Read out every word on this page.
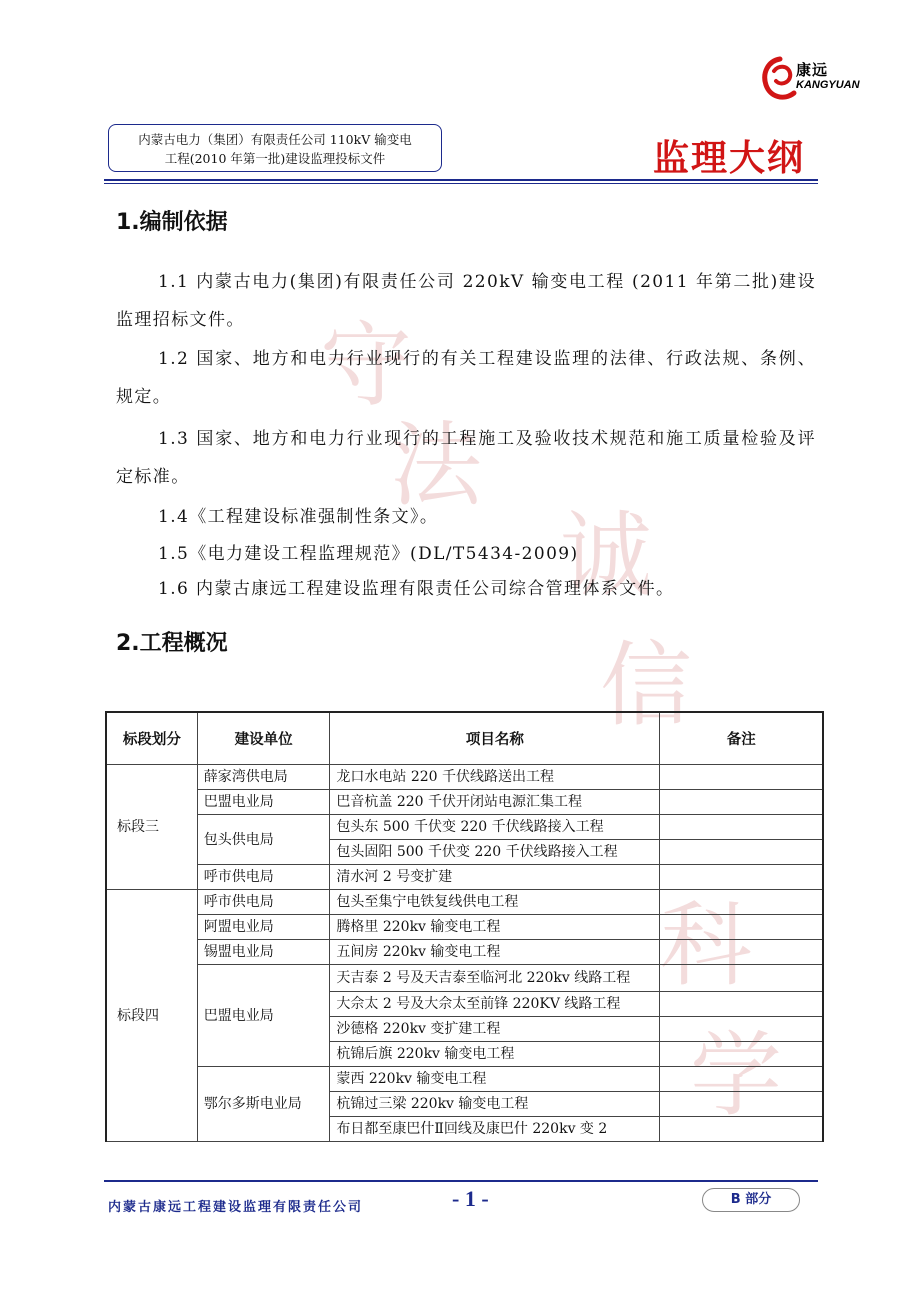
守
法
诚
信
科
学
康远
KANGYUAN
内蒙古电力（集团）有限责任公司 110kV 输变电
工程(2010 年第一批)建设监理投标文件	监理大纲
1.编制依据
1.1 内蒙古电力(集团)有限责任公司 220kV 输变电工程 (2011 年第二批)建设监理招标文件。
1.2 国家、地方和电力行业现行的有关工程建设监理的法律、行政法规、条例、规定。
1.3 国家、地方和电力行业现行的工程施工及验收技术规范和施工质量检验及评定标准。
1.4《工程建设标准强制性条文》。
1.5《电力建设工程监理规范》(DL/T5434-2009)
1.6 内蒙古康远工程建设监理有限责任公司综合管理体系文件。
2.工程概况
标段划分	建设单位	项目名称	备注
标段三	薛家湾供电局	龙口水电站 220 千伏线路送出工程	
	巴盟电业局	巴音杭盖 220 千伏开闭站电源汇集工程	
	包头供电局	包头东 500 千伏变 220 千伏线路接入工程	
		包头固阳 500 千伏变 220 千伏线路接入工程	
	呼市供电局	清水河 2 号变扩建	
标段四	呼市供电局	包头至集宁电铁复线供电工程	
	阿盟电业局	腾格里 220kv 输变电工程	
	锡盟电业局	五间房 220kv 输变电工程	
	巴盟电业局	天吉泰 2 号及天吉泰至临河北 220kv 线路工程	
		大佘太 2 号及大佘太至前锋 220KV 线路工程	
		沙德格 220kv 变扩建工程	
		杭锦后旗 220kv 输变电工程	
	鄂尔多斯电业局	蒙西 220kv 输变电工程	
		杭锦过三梁 220kv 输变电工程	
		布日都至康巴什Ⅱ回线及康巴什 220kv 变 2	
内蒙古康远工程建设监理有限责任公司	- 1 -	B 部分
